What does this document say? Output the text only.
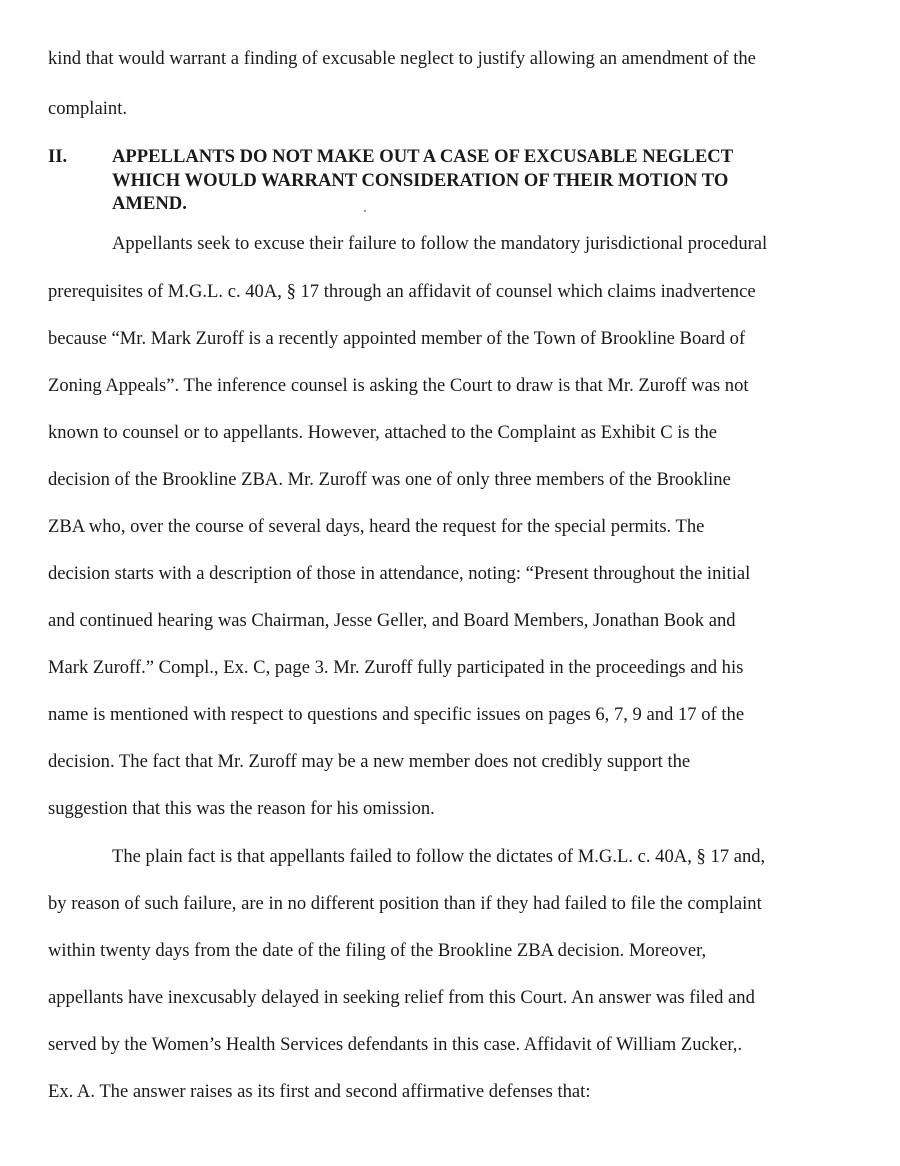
kind that would warrant a finding of excusable neglect to justify allowing an amendment of the
complaint.
II. APPELLANTS DO NOT MAKE OUT A CASE OF EXCUSABLE NEGLECT
WHICH WOULD WARRANT CONSIDERATION OF THEIR MOTION TO
AMEND.
Appellants seek to excuse their failure to follow the mandatory jurisdictional procedural
prerequisites of M.G.L. c. 40A, § 17 through an affidavit of counsel which claims inadvertence
because “Mr. Mark Zuroff is a recently appointed member of the Town of Brookline Board of
Zoning Appeals”. The inference counsel is asking the Court to draw is that Mr. Zuroff was not
known to counsel or to appellants. However, attached to the Complaint as Exhibit C is the
decision of the Brookline ZBA. Mr. Zuroff was one of only three members of the Brookline
ZBA who, over the course of several days, heard the request for the special permits. The
decision starts with a description of those in attendance, noting: “Present throughout the initial
and continued hearing was Chairman, Jesse Geller, and Board Members, Jonathan Book and
Mark Zuroff.” Compl., Ex. C, page 3. Mr. Zuroff fully participated in the proceedings and his
name is mentioned with respect to questions and specific issues on pages 6, 7, 9 and 17 of the
decision. The fact that Mr. Zuroff may be a new member does not credibly support the
suggestion that this was the reason for his omission.
The plain fact is that appellants failed to follow the dictates of M.G.L. c. 40A, § 17 and,
by reason of such failure, are in no different position than if they had failed to file the complaint
within twenty days from the date of the filing of the Brookline ZBA decision. Moreover,
appellants have inexcusably delayed in seeking relief from this Court. An answer was filed and
served by the Women’s Health Services defendants in this case. Affidavit of William Zucker,.
Ex. A. The answer raises as its first and second affirmative defenses that:
